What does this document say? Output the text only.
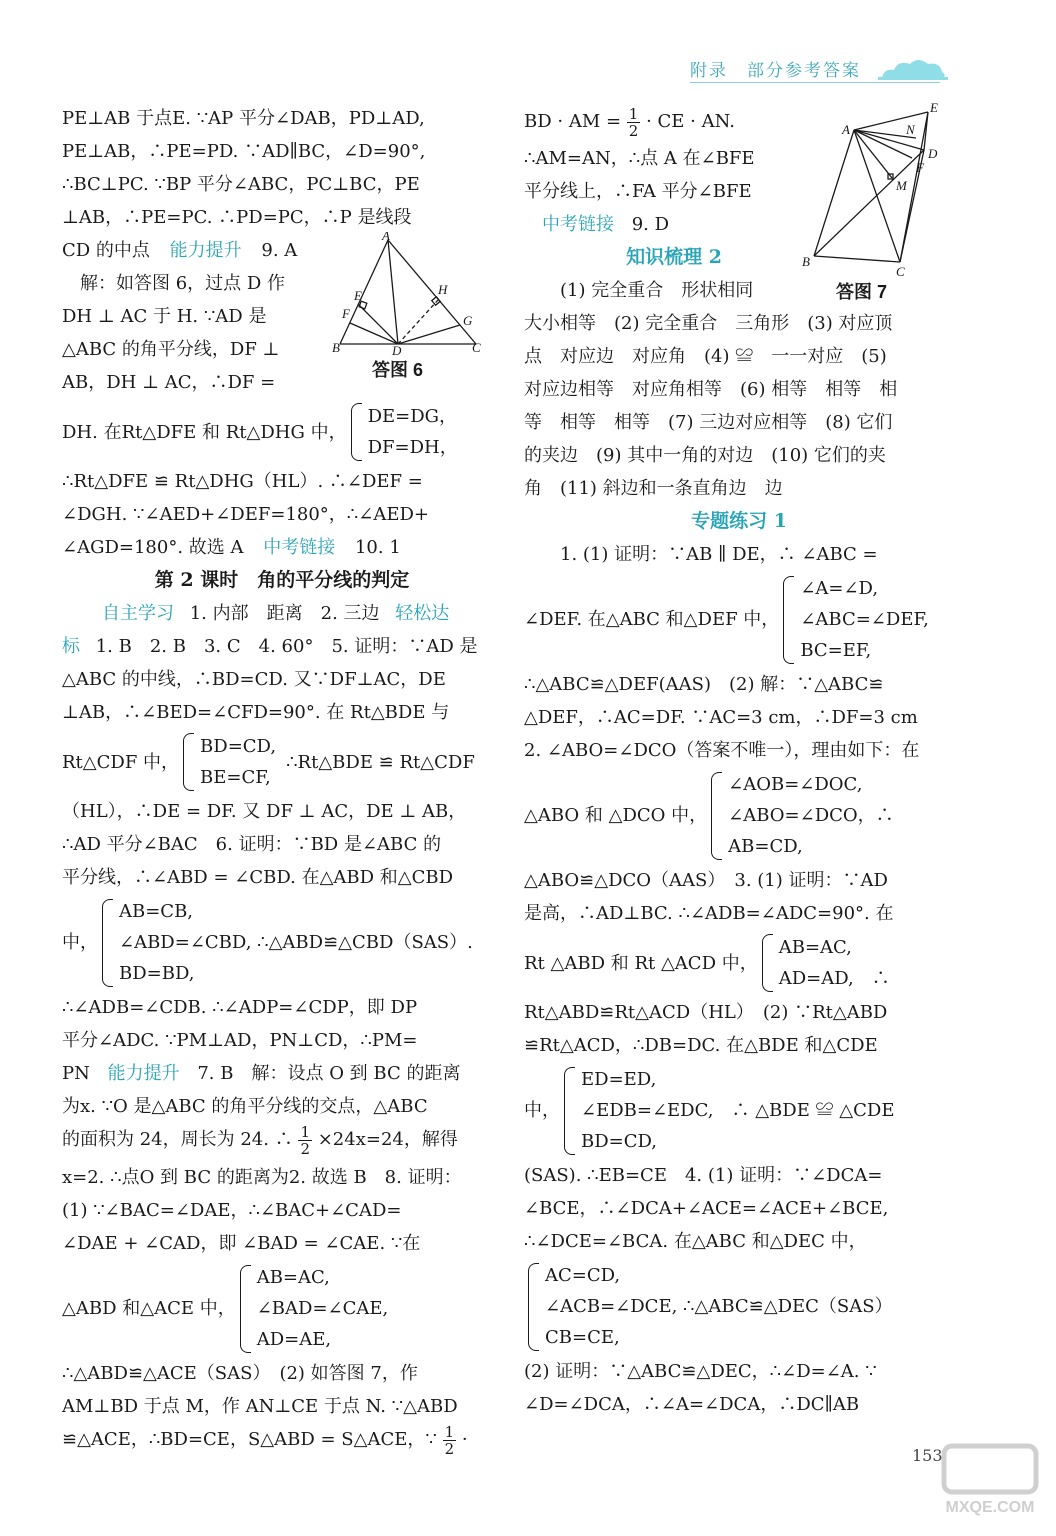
附录　部分参考答案
PE⊥AB 于点E. ∵AP 平分∠DAB，PD⊥AD,
PE⊥AB，∴PE=PD. ∵AD∥BC，∠D=90°,
∴BC⊥PC. ∵BP 平分∠ABC，PC⊥BC，PE
⊥AB，∴PE=PC. ∴PD=PC，∴P 是线段
CD 的中点 能力提升 9. A
解：如答图 6，过点 D 作
DH ⊥ AC 于 H. ∵AD 是
△ABC 的角平分线，DF ⊥
AB，DH ⊥ AC，∴DF =
DH. 在Rt△DFE 和 Rt△DHG 中，
DE=DG，
DF=DH，
∴Rt△DFE ≌ Rt△DHG（HL）. ∴∠DEF =
∠DGH. ∵∠AED+∠DEF=180°，∴∠AED+
∠AGD=180°. 故选 A 中考链接 10. 1
第 2 课时　角的平分线的判定
自主学习 1. 内部　距离　2. 三边 轻松达
标 1. B　2. B　3. C　4. 60°　5. 证明：∵AD 是
△ABC 的中线，∴BD=CD. 又∵DF⊥AC，DE
⊥AB，∴∠BED=∠CFD=90°. 在 Rt△BDE 与
Rt△CDF 中，
BD=CD,
BE=CF,
∴Rt△BDE ≌ Rt△CDF
（HL），∴DE = DF. 又 DF ⊥ AC，DE ⊥ AB，
∴AD 平分∠BAC　6. 证明：∵BD 是∠ABC 的
平分线，∴∠ABD = ∠CBD. 在△ABD 和△CBD
中，
AB=CB,
∠ABD=∠CBD, ∴△ABD≌△CBD（SAS）.
BD=BD,
∴∠ADB=∠CDB. ∴∠ADP=∠CDP，即 DP
平分∠ADC. ∵PM⊥AD，PN⊥CD，∴PM=
PN 能力提升 7. B　解：设点 O 到 BC 的距离
为x. ∵O 是△ABC 的角平分线的交点，△ABC
的面积为 24，周长为 24. ∴ $\frac{1}{2} \times 24x=24$，解得
x=2. ∴点O 到 BC 的距离为2. 故选 B　8. 证明：
(1) ∵∠BAC=∠DAE，∴∠BAC+∠CAD=
∠DAE + ∠CAD，即 ∠BAD = ∠CAE. ∵在
△ABD 和△ACE 中，
AB=AC,
∠BAD=∠CAE,
AD=AE,
∴△ABD≌△ACE（SAS）　(2) 如答图 7，作
AM⊥BD 于点 M，作 AN⊥CE 于点 N. ∵△ABD
≌△ACE，∴BD=CE，S△ABD = S△ACE，∵ $\frac{1}{2}$ ·
A
B	C
D
E
F
H
G
答图 6
BD · AM = $\frac{1}{2}$ · CE · AN.
∴AM=AN，∴点 A 在∠BFE
平分线上，∴FA 平分∠BFE
中考链接 9. D
知识梳理 2
(1) 完全重合　形状相同
大小相等　(2) 完全重合　三角形　(3) 对应顶
点　对应边　对应角　(4) ≌　一一对应　(5)
对应边相等　对应角相等　(6) 相等　相等　相
等　相等　相等　(7) 三边对应相等　(8) 它们
的夹边　(9) 其中一角的对边　(10) 它们的夹
角　(11) 斜边和一条直角边　边
专题练习 1
1. (1) 证明：∵AB ∥ DE，∴ ∠ABC =
∠DEF. 在△ABC 和△DEF 中，
∠A=∠D,
∠ABC=∠DEF,
BC=EF,
∴△ABC≌△DEF(AAS)　(2) 解：∵△ABC≌
△DEF，∴AC=DF. ∵AC=3 cm，∴DF=3 cm
2. ∠ABO=∠DCO（答案不唯一），理由如下：在
△ABO 和 △DCO 中，
∠AOB=∠DOC,
∠ABO=∠DCO，∴
AB=CD,
△ABO≌△DCO（AAS）　3. (1) 证明：∵AD
是高，∴AD⊥BC. ∴∠ADB=∠ADC=90°. 在
Rt △ABD 和 Rt △ACD 中，
AB=AC,
AD=AD,　∴
Rt△ABD≌Rt△ACD（HL）　(2) ∵Rt△ABD
≌Rt△ACD，∴DB=DC. 在△BDE 和△CDE
中，
ED=ED,
∠EDB=∠EDC,　∴ △BDE ≌ △CDE
BD=CD,
(SAS). ∴EB=CE　4. (1) 证明：∵∠DCA=
∠BCE，∴∠DCA+∠ACE=∠ACE+∠BCE,
∴∠DCE=∠BCA. 在△ABC 和△DEC 中，
AC=CD,
∠ACB=∠DCE, ∴△ABC≌△DEC（SAS）
CB=CE,
(2) 证明：∵△ABC≌△DEC，∴∠D=∠A. ∵
∠D=∠DCA，∴∠A=∠DCA，∴DC∥AB
A
E
N
D
F
M
B
C
答图 7
153
MXQE.COM
